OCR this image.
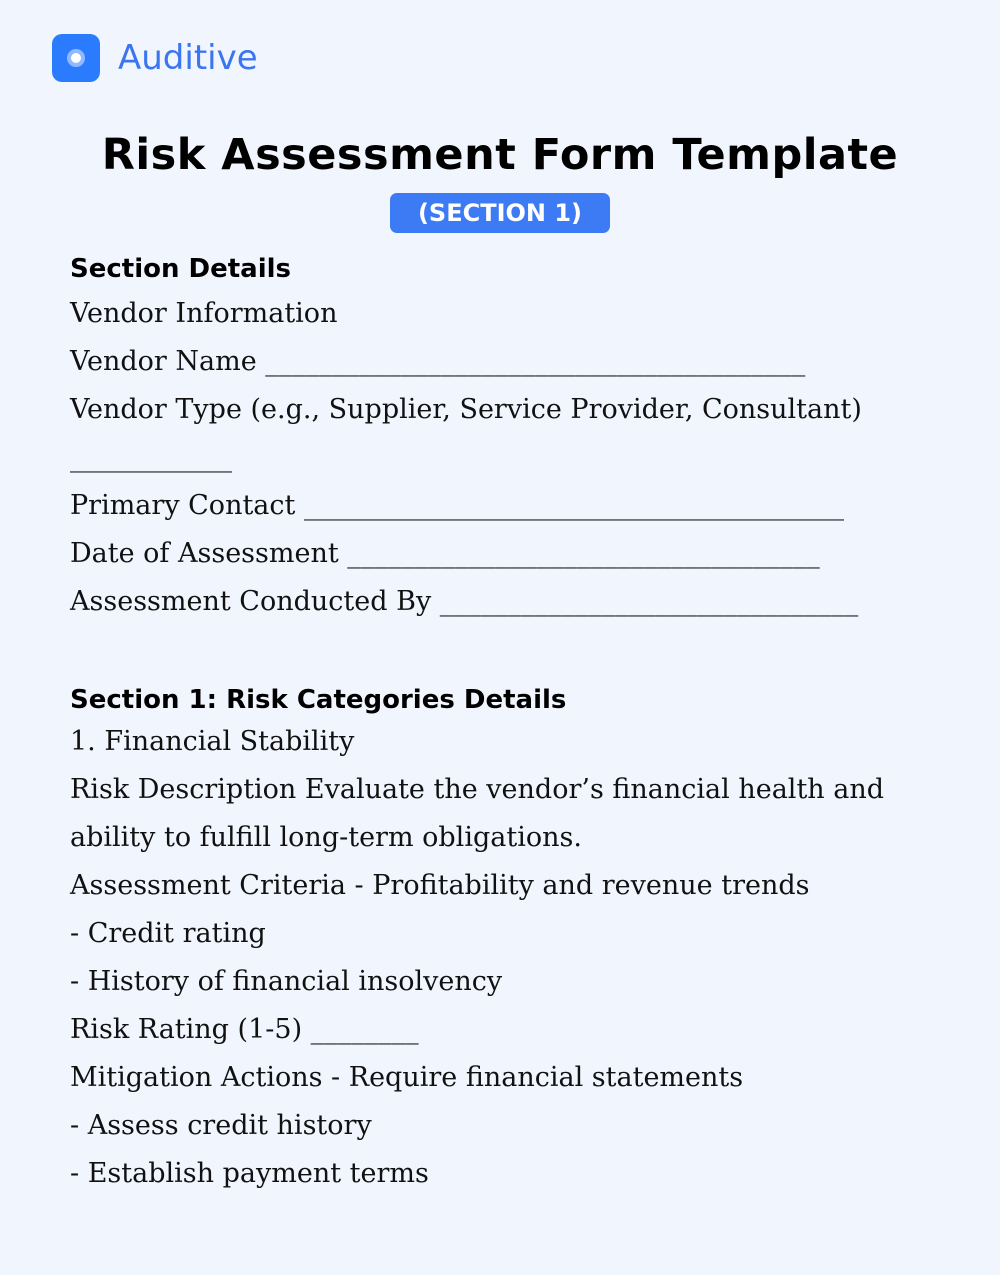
Auditive
Risk Assessment Form Template
(SECTION 1)
Section Details
Vendor Information
Vendor Name ________________________________________
Vendor Type (e.g., Supplier, Service Provider, Consultant)
____________
Primary Contact ________________________________________
Date of Assessment ___________________________________
Assessment Conducted By _______________________________
Section 1: Risk Categories Details
1. Financial Stability
Risk Description Evaluate the vendor’s financial health and
ability to fulfill long-term obligations.
Assessment Criteria - Profitability and revenue trends
- Credit rating
- History of financial insolvency
Risk Rating (1-5) ________
Mitigation Actions - Require financial statements
- Assess credit history
- Establish payment terms
